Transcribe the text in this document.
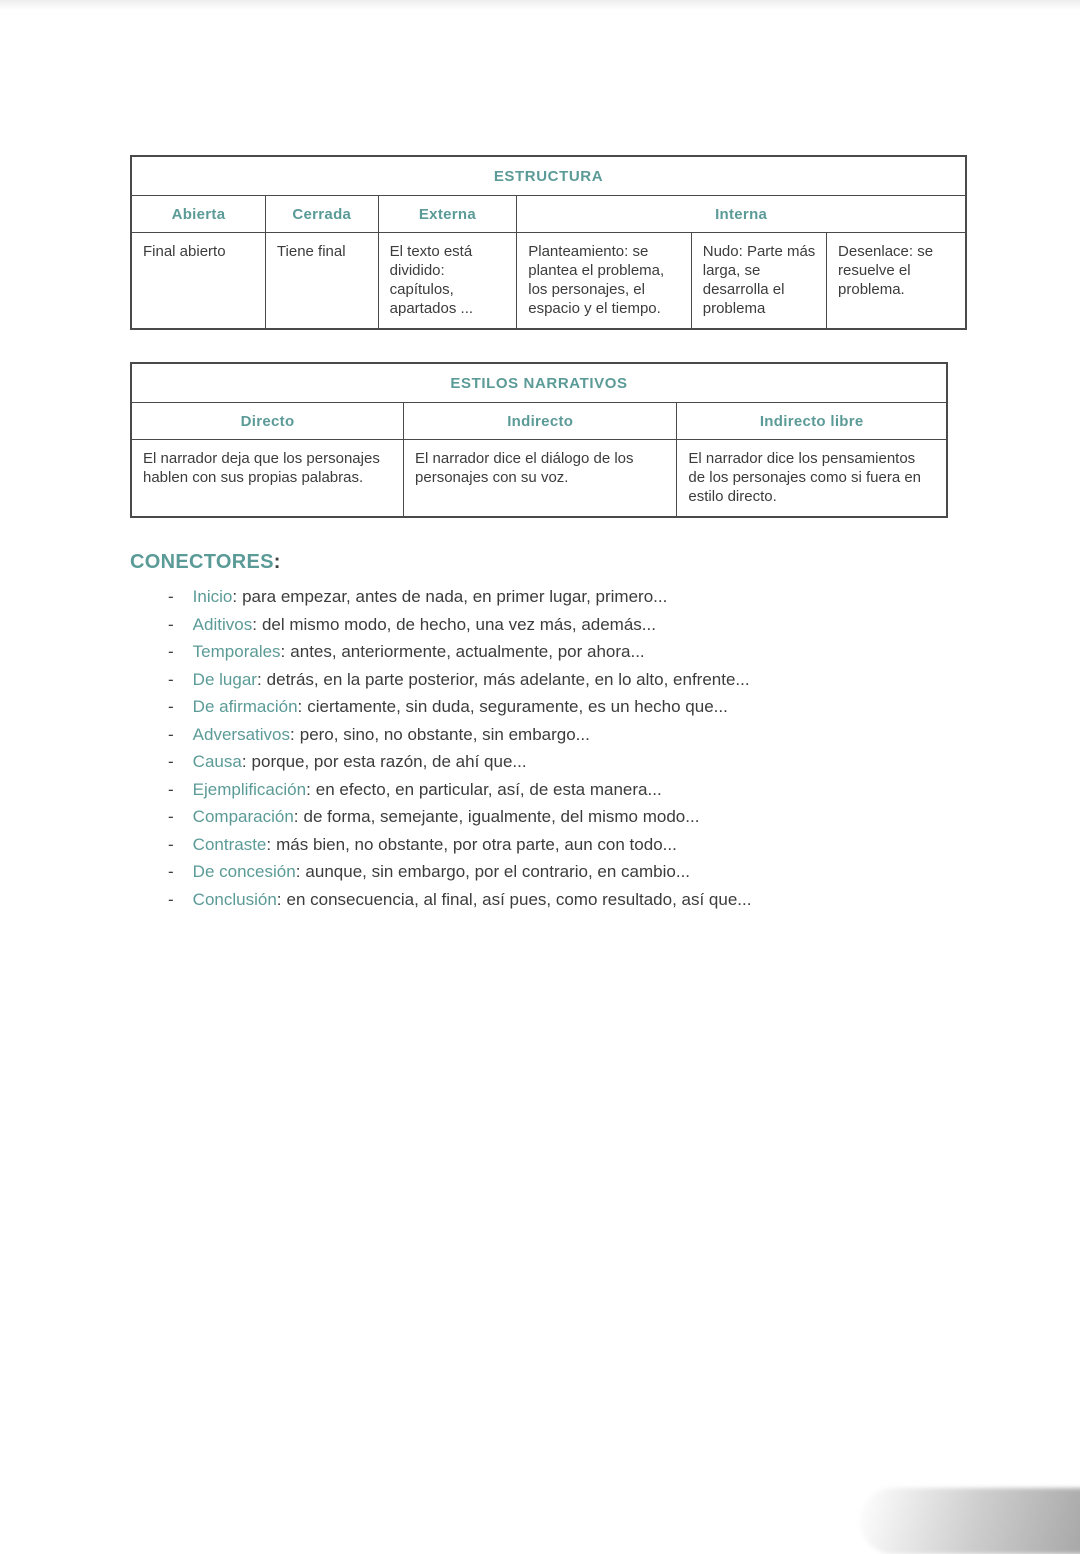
ESTRUCTURA					
Abierta	Cerrada	Externa	Interna		
Final abierto	Tiene final	El texto está dividido: capítulos, apartados ...	Planteamiento: se plantea el problema, los personajes, el espacio y el tiempo.	Nudo: Parte más larga, se desarrolla el problema	Desenlace: se resuelve el problema.
ESTILOS NARRATIVOS		
Directo	Indirecto	Indirecto libre
El narrador deja que los personajes hablen con sus propias palabras.	El narrador dice el diálogo de los personajes con su voz.	El narrador dice los pensamientos de los personajes como si fuera en estilo directo.
CONECTORES:
- Inicio: para empezar, antes de nada, en primer lugar, primero...
- Aditivos: del mismo modo, de hecho, una vez más, además...
- Temporales: antes, anteriormente, actualmente, por ahora...
- De lugar: detrás, en la parte posterior, más adelante, en lo alto, enfrente...
- De afirmación: ciertamente, sin duda, seguramente, es un hecho que...
- Adversativos: pero, sino, no obstante, sin embargo...
- Causa: porque, por esta razón, de ahí que...
- Ejemplificación: en efecto, en particular, así, de esta manera...
- Comparación: de forma, semejante, igualmente, del mismo modo...
- Contraste: más bien, no obstante, por otra parte, aun con todo...
- De concesión: aunque, sin embargo, por el contrario, en cambio...
- Conclusión: en consecuencia, al final, así pues, como resultado, así que...
